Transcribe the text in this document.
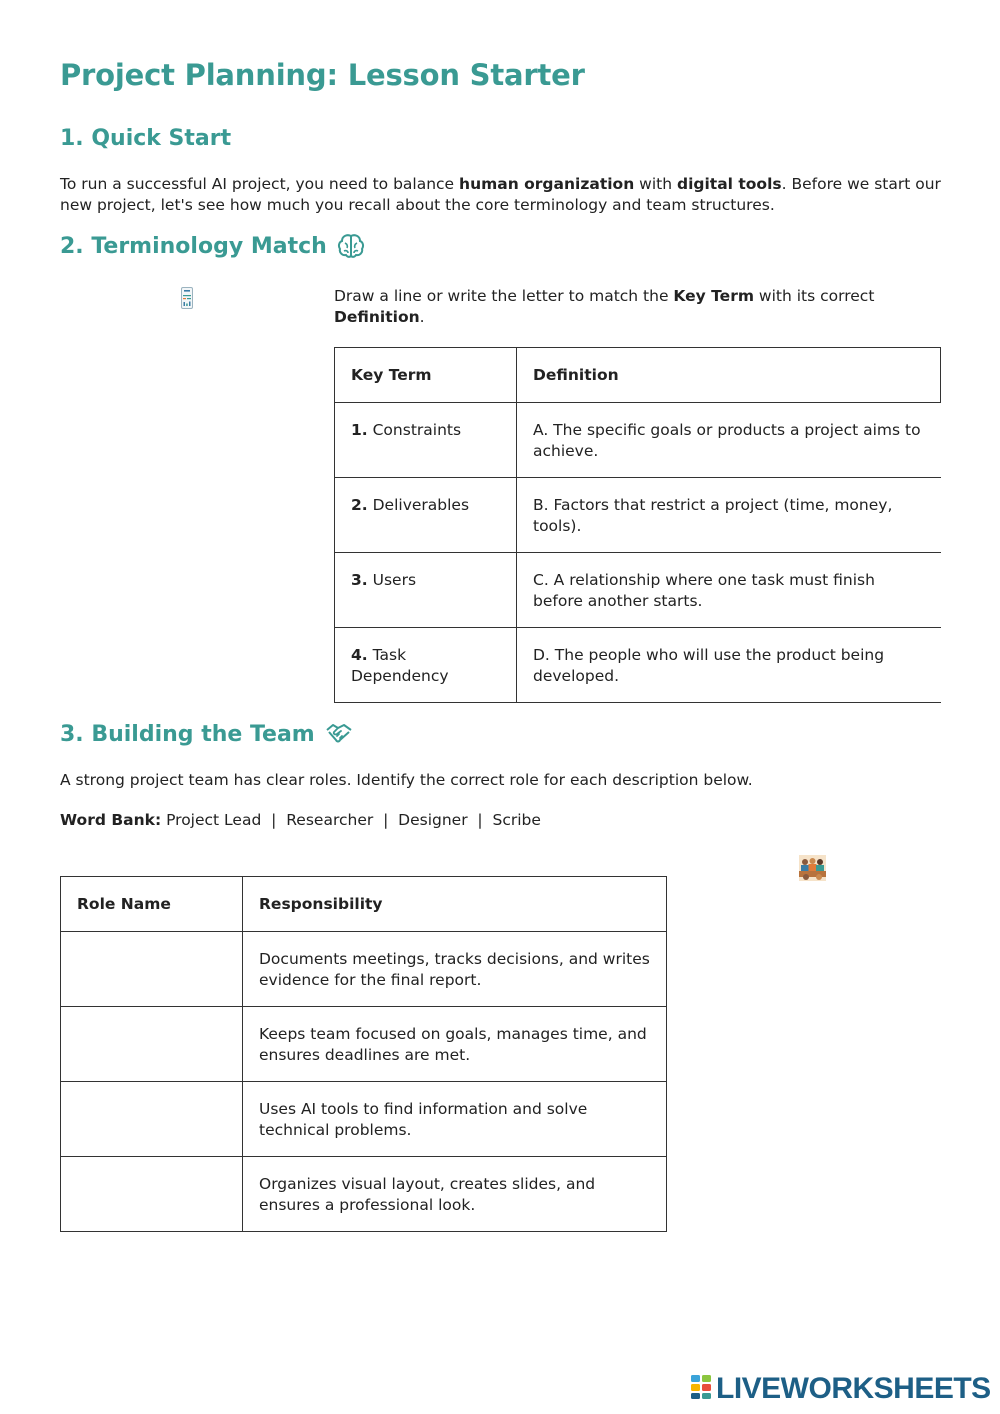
Project Planning: Lesson Starter
1. Quick Start
To run a successful AI project, you need to balance human organization with digital tools. Before we start our new project, let's see how much you recall about the core terminology and team structures.
2. Terminology Match
Draw a line or write the letter to match the Key Term with its correct
Definition.
Key Term	Definition
1. Constraints	A. The specific goals or products a project aims to achieve.
2. Deliverables	B. Factors that restrict a project (time, money, tools).
3. Users	C. A relationship where one task must finish before another starts.
4. Task Dependency	D. The people who will use the product being developed.
3. Building the Team
A strong project team has clear roles. Identify the correct role for each description below.
Word Bank: Project Lead  |  Researcher  |  Designer  |  Scribe
Role Name	Responsibility
	Documents meetings, tracks decisions, and writes evidence for the final report.
	Keeps team focused on goals, manages time, and ensures deadlines are met.
	Uses AI tools to find information and solve technical problems.
	Organizes visual layout, creates slides, and ensures a professional look.
LIVEWORKSHEETS
